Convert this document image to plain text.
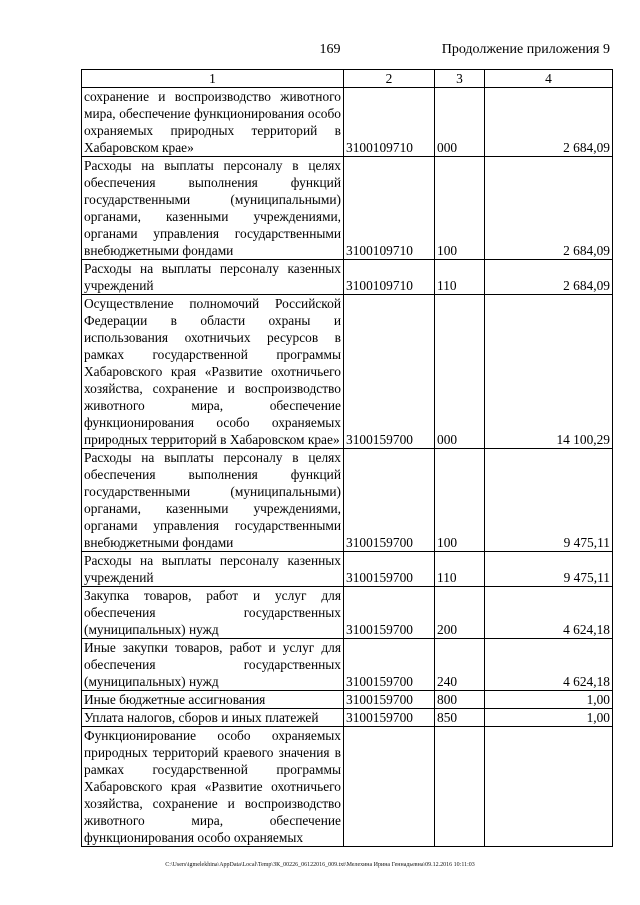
169	Продолжение приложения 9
1	2	3	4
сохранение и воспроизводство животного мира, обеспечение функционирования особо охраняемых природных территорий в Хабаровском крае»	3100109710	000	2 684,09
Расходы на выплаты персоналу в целях обеспечения выполнения функций государственными (муниципальными) органами, казенными учреждениями, органами управления государственными внебюджетными фондами	3100109710	100	2 684,09
Расходы на выплаты персоналу казенных учреждений	3100109710	110	2 684,09
Осуществление полномочий Российской Федерации в области охраны и использования охотничьих ресурсов в рамках государственной программы Хабаровского края «Развитие охотничьего хозяйства, сохранение и воспроизводство животного мира, обеспечение функционирования особо охраняемых природных территорий в Хабаровском крае»	3100159700	000	14 100,29
Расходы на выплаты персоналу в целях обеспечения выполнения функций государственными (муниципальными) органами, казенными учреждениями, органами управления государственными внебюджетными фондами	3100159700	100	9 475,11
Расходы на выплаты персоналу казенных учреждений	3100159700	110	9 475,11
Закупка товаров, работ и услуг для обеспечения государственных (муниципальных) нужд	3100159700	200	4 624,18
Иные закупки товаров, работ и услуг для обеспечения государственных (муниципальных) нужд	3100159700	240	4 624,18
Иные бюджетные ассигнования	3100159700	800	1,00
Уплата налогов, сборов и иных платежей	3100159700	850	1,00
Функционирование особо охраняемых природных территорий краевого значения в рамках государственной программы Хабаровского края «Развитие охотничьего хозяйства, сохранение и воспроизводство животного мира, обеспечение функционирования особо охраняемых			
C:\Users\igmelekhina\AppData\Local\Temp\ЗК_00226_06122016_009.txt\Мелехина Ирина Геннадьевна\09.12.2016 10:11:03
